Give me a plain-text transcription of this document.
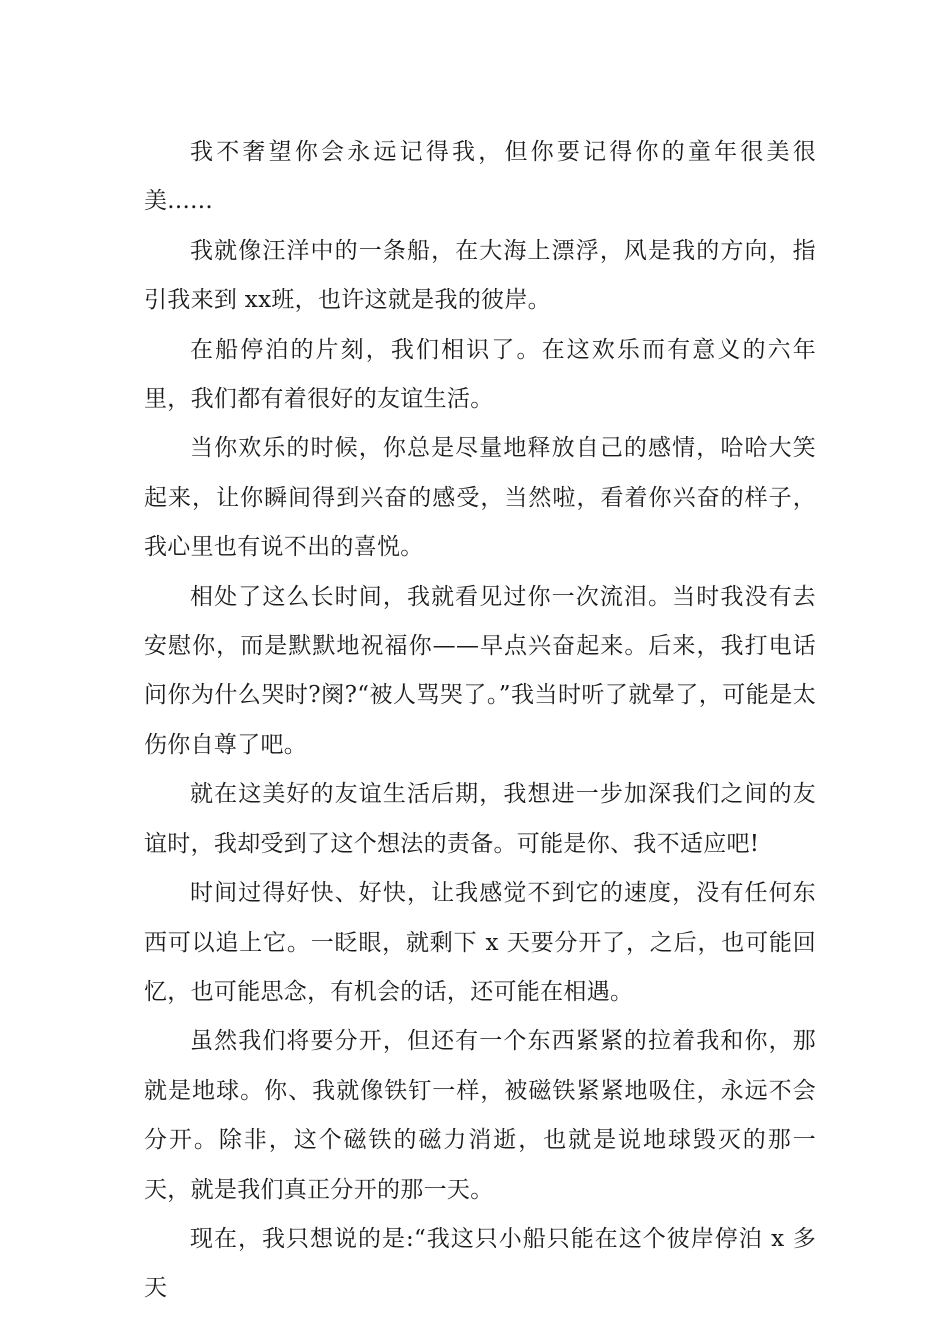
我不奢望你会永远记得我，但你要记得你的童年很美很美......

我就像汪洋中的一条船，在大海上漂浮，风是我的方向，指引我来到 xx班，也许这就是我的彼岸。

在船停泊的片刻，我们相识了。在这欢乐而有意义的六年里，我们都有着很好的友谊生活。

当你欢乐的时候，你总是尽量地释放自己的感情，哈哈大笑起来，让你瞬间得到兴奋的感受，当然啦，看着你兴奋的样子，我心里也有说不出的喜悦。

相处了这么长时间，我就看见过你一次流泪。当时我没有去安慰你，而是默默地祝福你——早点兴奋起来。后来，我打电话问你为什么哭时?阕?“被人骂哭了。”我当时听了就晕了，可能是太伤你自尊了吧。

就在这美好的友谊生活后期，我想进一步加深我们之间的友谊时，我却受到了这个想法的责备。可能是你、我不适应吧!

时间过得好快、好快，让我感觉不到它的速度，没有任何东西可以追上它。一眨眼，就剩下 x 天要分开了，之后，也可能回忆，也可能思念，有机会的话，还可能在相遇。

虽然我们将要分开，但还有一个东西紧紧的拉着我和你，那就是地球。你、我就像铁钉一样，被磁铁紧紧地吸住，永远不会分开。除非，这个磁铁的磁力消逝，也就是说地球毁灭的那一天，就是我们真正分开的那一天。

现在，我只想说的是:“我这只小船只能在这个彼岸停泊 x 多天
